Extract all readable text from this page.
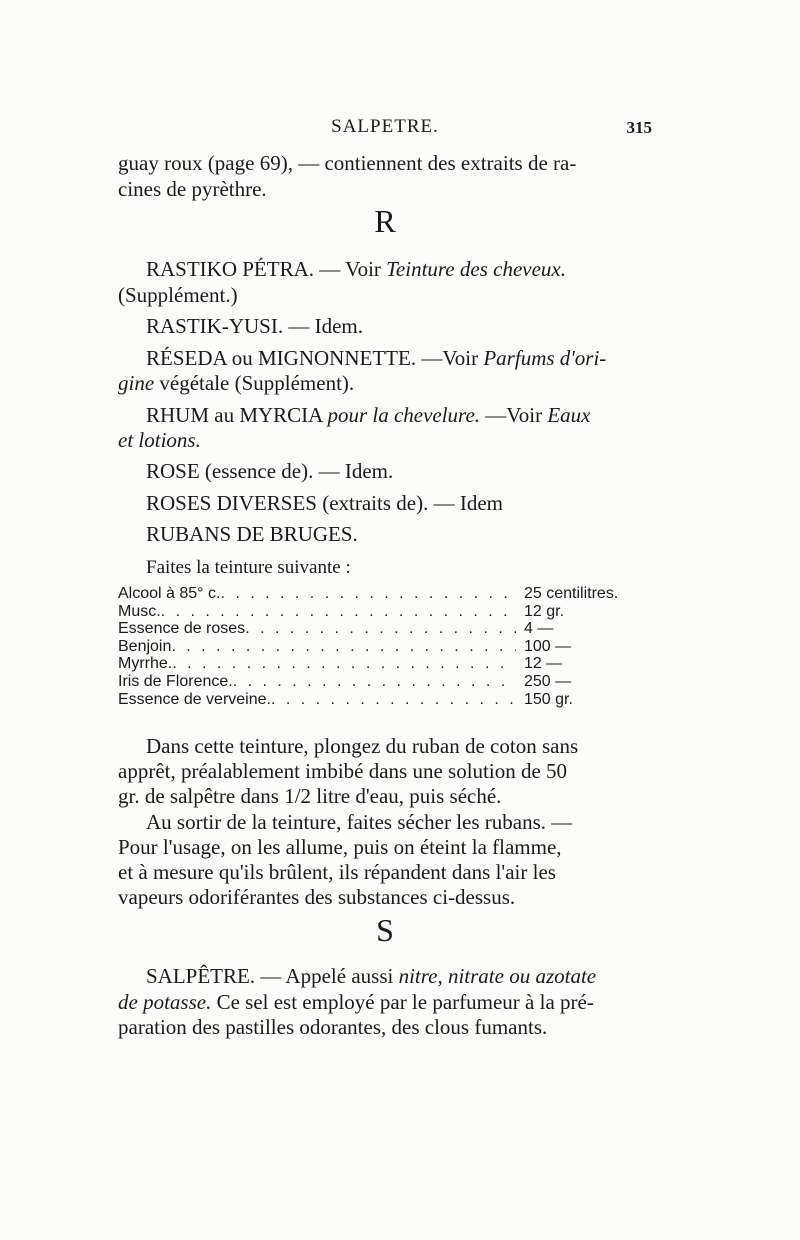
SALPETRE.	315
guay roux (page 69), — contiennent des extraits de ra-
cines de pyrèthre.
R
RASTIKO PÉTRA. — Voir Teinture des cheveux.
(Supplément.)
RASTIK-YUSI. — Idem.
RÉSEDA ou MIGNONNETTE. —Voir Parfums d'ori-
gine végétale (Supplément).
RHUM au MYRCIA pour la chevelure. —Voir Eaux
et lotions.
ROSE (essence de). — Idem.
ROSES DIVERSES (extraits de). — Idem
RUBANS DE BRUGES.
Faites la teinture suivante :
Alcool à 85° c. . . .	25 centilitres.
Musc. . . .	12 gr.
Essence de roses . . .	4 —
Benjoin . . .	100 —
Myrrhe. . . .	12 —
Iris de Florence. . . .	250 —
Essence de verveine. . . .	150 gr.
Dans cette teinture, plongez du ruban de coton sans
apprêt, préalablement imbibé dans une solution de 50
gr. de salpêtre dans 1/2 litre d'eau, puis séché.
Au sortir de la teinture, faites sécher les rubans. —
Pour l'usage, on les allume, puis on éteint la flamme,
et à mesure qu'ils brûlent, ils répandent dans l'air les
vapeurs odoriférantes des substances ci-dessus.
S
SALPÊTRE. — Appelé aussi nitre, nitrate ou azotate
de potasse. Ce sel est employé par le parfumeur à la pré-
paration des pastilles odorantes, des clous fumants.
